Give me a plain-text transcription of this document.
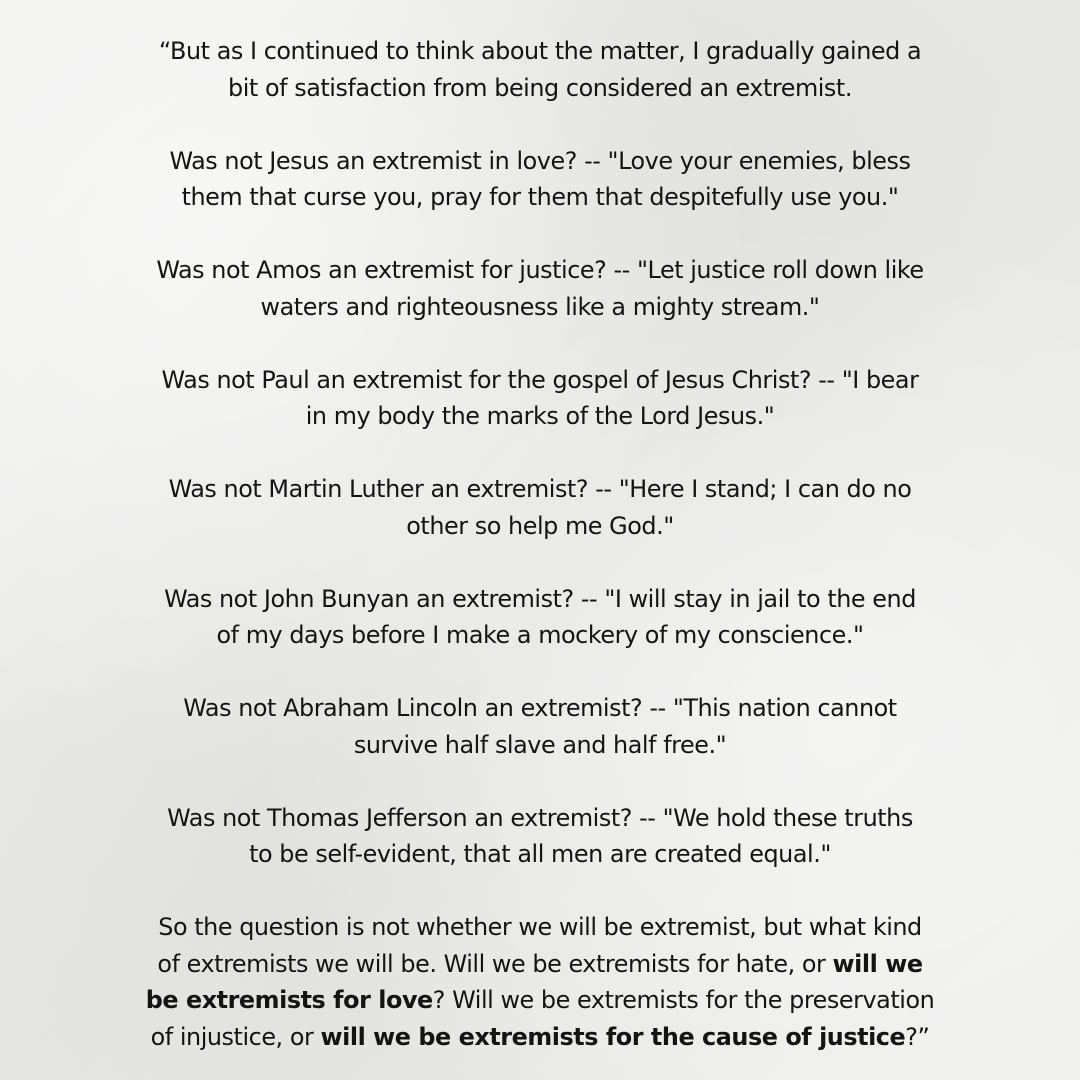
“But as I continued to think about the matter, I gradually gained a
bit of satisfaction from being considered an extremist.

Was not Jesus an extremist in love? -- "Love your enemies, bless
them that curse you, pray for them that despitefully use you."

Was not Amos an extremist for justice? -- "Let justice roll down like
waters and righteousness like a mighty stream."

Was not Paul an extremist for the gospel of Jesus Christ? -- "I bear
in my body the marks of the Lord Jesus."

Was not Martin Luther an extremist? -- "Here I stand; I can do no
other so help me God."

Was not John Bunyan an extremist? -- "I will stay in jail to the end
of my days before I make a mockery of my conscience."

Was not Abraham Lincoln an extremist? -- "This nation cannot
survive half slave and half free."

Was not Thomas Jefferson an extremist? -- "We hold these truths
to be self-evident, that all men are created equal."

So the question is not whether we will be extremist, but what kind
of extremists we will be. Will we be extremists for hate, or will we
be extremists for love? Will we be extremists for the preservation
of injustice, or will we be extremists for the cause of justice?”
